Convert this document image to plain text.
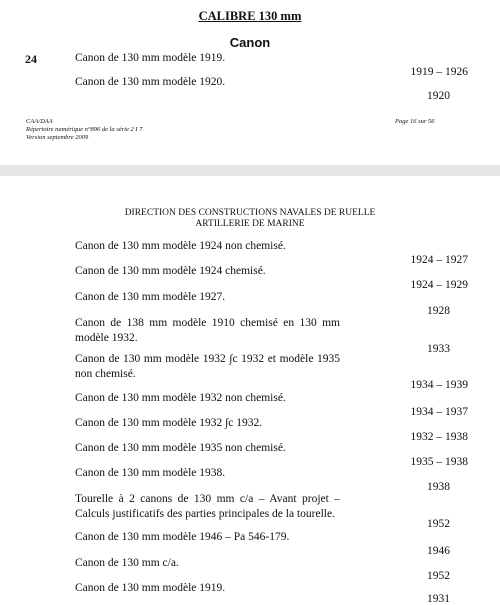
CALIBRE 130 mm
Canon
24	Canon de 130 mm modèle 1919.
1919 – 1926
Canon de 130 mm modèle 1920.
1920
CAA/DAA
Répertoire numérique n°896 de la série 2 I 7
Version septembre 2009
Page 16 sur 56
DIRECTION DES CONSTRUCTIONS NAVALES DE RUELLE
ARTILLERIE DE MARINE
Canon de 130 mm modèle 1924 non chemisé.
1924 – 1927
Canon de 130 mm modèle 1924 chemisé.
1924 – 1929
Canon de 130 mm modèle 1927.
1928
Canon de 138 mm modèle 1910 chemisé en 130 mm modèle 1932.
1933
Canon de 130 mm modèle 1932 ∫c 1932 et modèle 1935 non chemisé.
1934 – 1939
Canon de 130 mm modèle 1932 non chemisé.
1934 – 1937
Canon de 130 mm modèle 1932 ∫c 1932.
1932 – 1938
Canon de 130 mm modèle 1935 non chemisé.
1935 – 1938
Canon de 130 mm modèle 1938.
1938
Tourelle à 2 canons de 130 mm c/a – Avant projet – Calculs justificatifs des parties principales de la tourelle.
1952
Canon de 130 mm modèle 1946 – Pa 546-179.
1946
Canon de 130 mm c/a.
1952
Canon de 130 mm modèle 1919.
1931
